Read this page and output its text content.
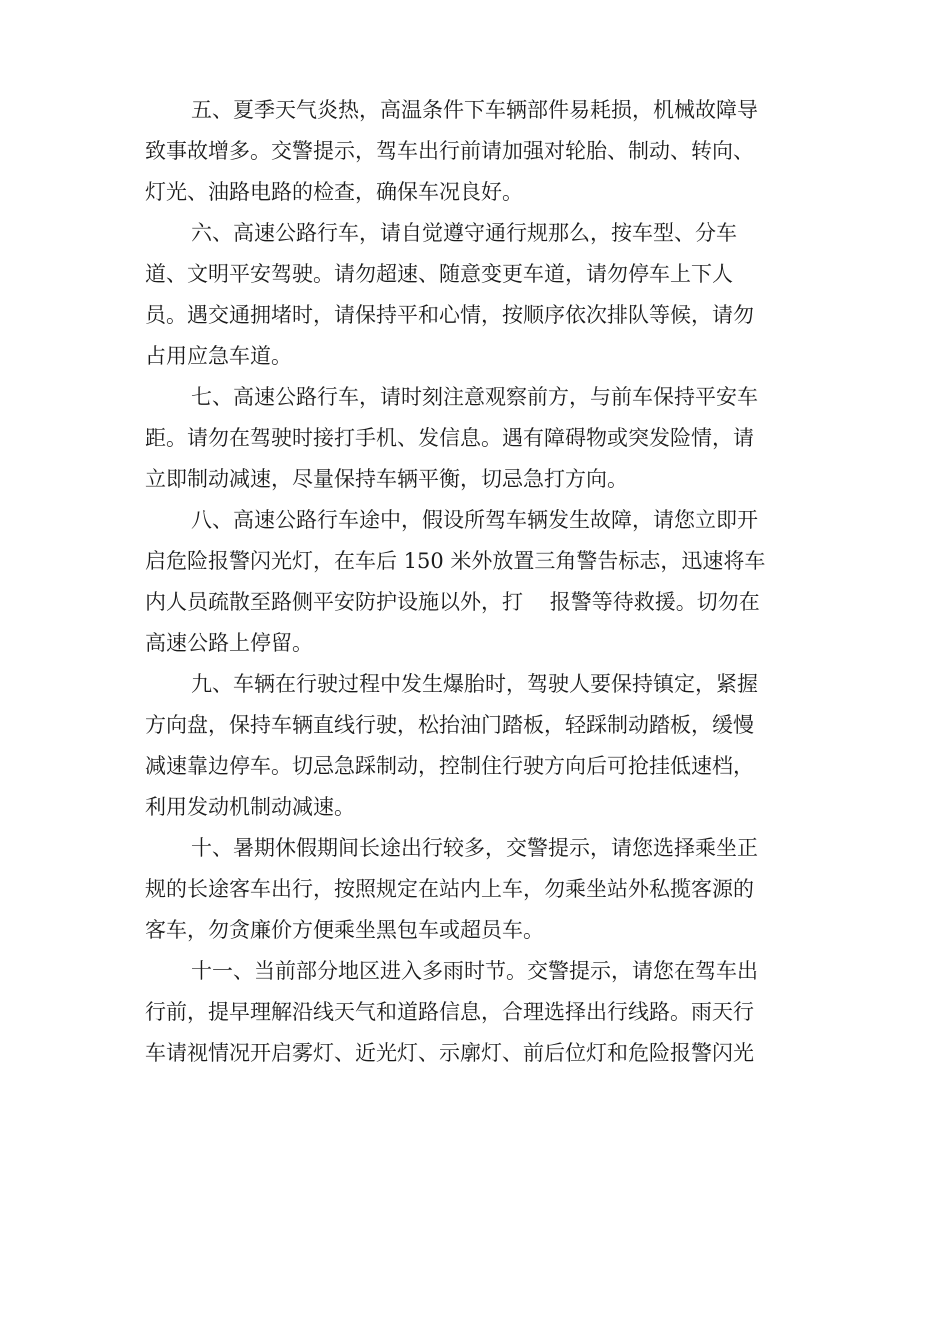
五、夏季天气炎热，高温条件下车辆部件易耗损，机械故障导
致事故增多。交警提示，驾车出行前请加强对轮胎、制动、转向、
灯光、油路电路的检查，确保车况良好。
六、高速公路行车，请自觉遵守通行规那么，按车型、分车
道、文明平安驾驶。请勿超速、随意变更车道，请勿停车上下人
员。遇交通拥堵时，请保持平和心情，按顺序依次排队等候，请勿
占用应急车道。
七、高速公路行车，请时刻注意观察前方，与前车保持平安车
距。请勿在驾驶时接打手机、发信息。遇有障碍物或突发险情，请
立即制动减速，尽量保持车辆平衡，切忌急打方向。
八、高速公路行车途中，假设所驾车辆发生故障，请您立即开
启危险报警闪光灯，在车后 150 米外放置三角警告标志，迅速将车
内人员疏散至路侧平安防护设施以外，打    报警等待救援。切勿在
高速公路上停留。
九、车辆在行驶过程中发生爆胎时，驾驶人要保持镇定，紧握
方向盘，保持车辆直线行驶，松抬油门踏板，轻踩制动踏板，缓慢
减速靠边停车。切忌急踩制动，控制住行驶方向后可抢挂低速档，
利用发动机制动减速。
十、暑期休假期间长途出行较多，交警提示，请您选择乘坐正
规的长途客车出行，按照规定在站内上车，勿乘坐站外私揽客源的
客车，勿贪廉价方便乘坐黑包车或超员车。
十一、当前部分地区进入多雨时节。交警提示，请您在驾车出
行前，提早理解沿线天气和道路信息，合理选择出行线路。雨天行
车请视情况开启雾灯、近光灯、示廓灯、前后位灯和危险报警闪光
